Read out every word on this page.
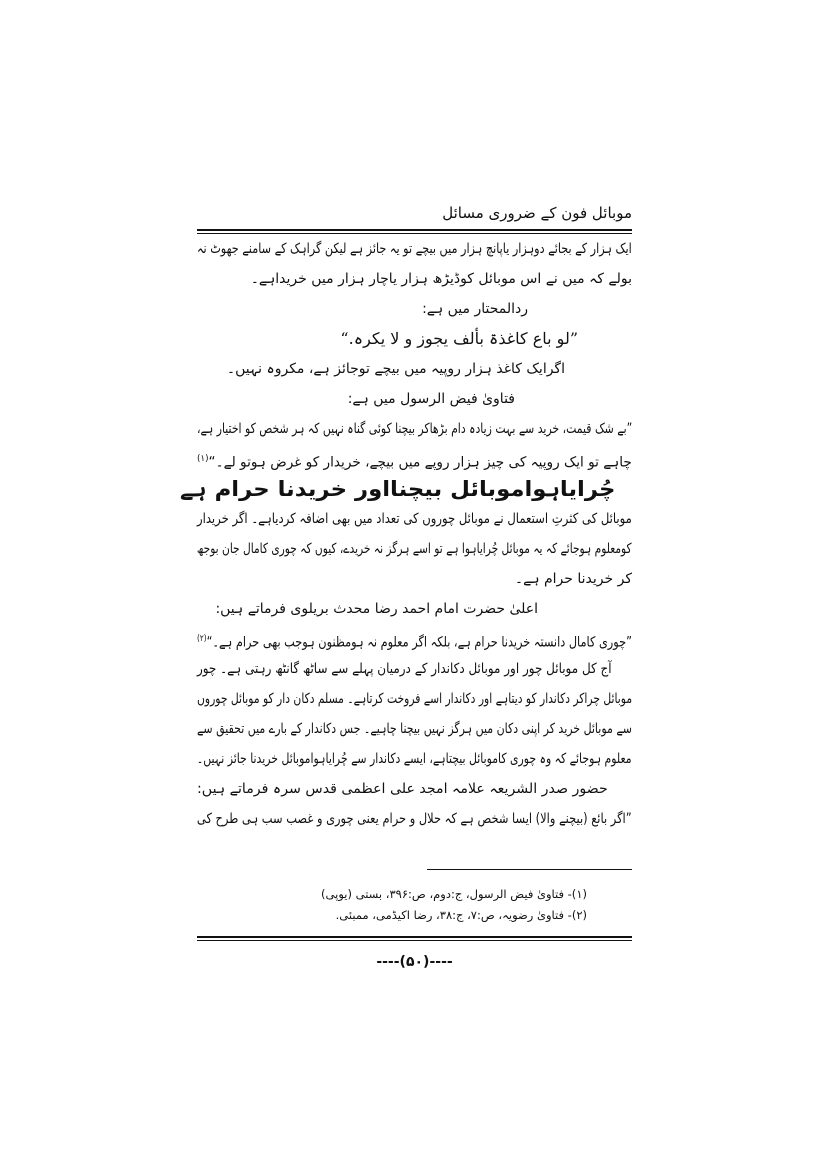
موبائل فون کے ضروری مسائل
ایک ہزار کے بجائے دوہزار یاپانچ ہزار میں بیچے تو یہ جائز ہے لیکن گراہک کے سامنے جھوٹ نہ
بولے کہ میں نے اس موبائل کوڈیڑھ ہزار یاچار ہزار میں خریداہے۔
ردالمحتار میں ہے:
”لو باع کاغذۃ بألف یجوز و لا یکرہ.“
اگرایک کاغذ ہزار روپیہ میں بیچے توجائز ہے، مکروہ نہیں۔
فتاویٰ فیض الرسول میں ہے:
”بے شک قیمت، خرید سے بہت زیادہ دام بڑھاکر بیچنا کوئی گناہ نہیں کہ ہر شخص کو اختیار ہے،
چاہے تو ایک روپیہ کی چیز ہزار روپے میں بیچے، خریدار کو غرض ہوتو لے۔“$^{(۱)}$
چُرایاہواموبائل بیچنااور خریدنا حرام ہے
موبائل کی کثرتِ استعمال نے موبائل چوروں کی تعداد میں بھی اضافہ کردیاہے۔ اگر خریدار
کومعلوم ہوجائے کہ یہ موبائل چُرایاہوا ہے تو اسے ہرگز نہ خریدے، کیوں کہ چوری کامال جان بوجھ
کر خریدنا حرام ہے۔
اعلیٰ حضرت امام احمد رضا محدث بریلوی فرماتے ہیں:
”چوری کامال دانستہ خریدنا حرام ہے، بلکہ اگر معلوم نہ ہومظنون ہوجب بھی حرام ہے۔“$^{(۲)}$
آج کل موبائل چور اور موبائل دکاندار کے درمیان پہلے سے ساٹھ گانٹھ رہتی ہے۔ چور
موبائل چراکر دکاندار کو دیتاہے اور دکاندار اسے فروخت کرتاہے۔ مسلم دکان دار کو موبائل چوروں
سے موبائل خرید کر اپنی دکان میں ہرگز نہیں بیچنا چاہیے۔ جس دکاندار کے بارے میں تحقیق سے
معلوم ہوجائے کہ وہ چوری کاموبائل بیچتاہے، ایسے دکاندار سے چُرایاہواموبائل خریدنا جائز نہیں۔
حضور صدر الشریعہ علامہ امجد علی اعظمی قدس سرہ فرماتے ہیں:
”اگر بائع (بیچنے والا) ایسا شخص ہے کہ حلال و حرام یعنی چوری و غصب سب ہی طرح کی
(۱)- فتاویٰ فیض الرسول، ج:دوم، ص:۳۹۶، بستی (یوپی)
(۲)- فتاویٰ رضویہ، ص:۷، ج:۳۸، رضا اکیڈمی، ممبئی.
----(۵۰)----
